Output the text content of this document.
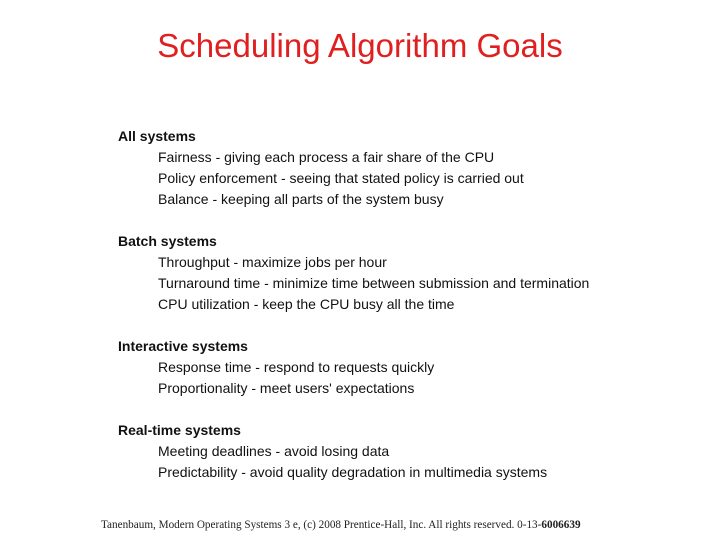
Scheduling Algorithm Goals
All systems
Fairness - giving each process a fair share of the CPU
Policy enforcement - seeing that stated policy is carried out
Balance - keeping all parts of the system busy
Batch systems
Throughput - maximize jobs per hour
Turnaround time - minimize time between submission and termination
CPU utilization - keep the CPU busy all the time
Interactive systems
Response time - respond to requests quickly
Proportionality - meet users' expectations
Real-time systems
Meeting deadlines - avoid losing data
Predictability - avoid quality degradation in multimedia systems
Tanenbaum, Modern Operating Systems 3 e, (c) 2008 Prentice-Hall, Inc. All rights reserved. 0-13-6006639
